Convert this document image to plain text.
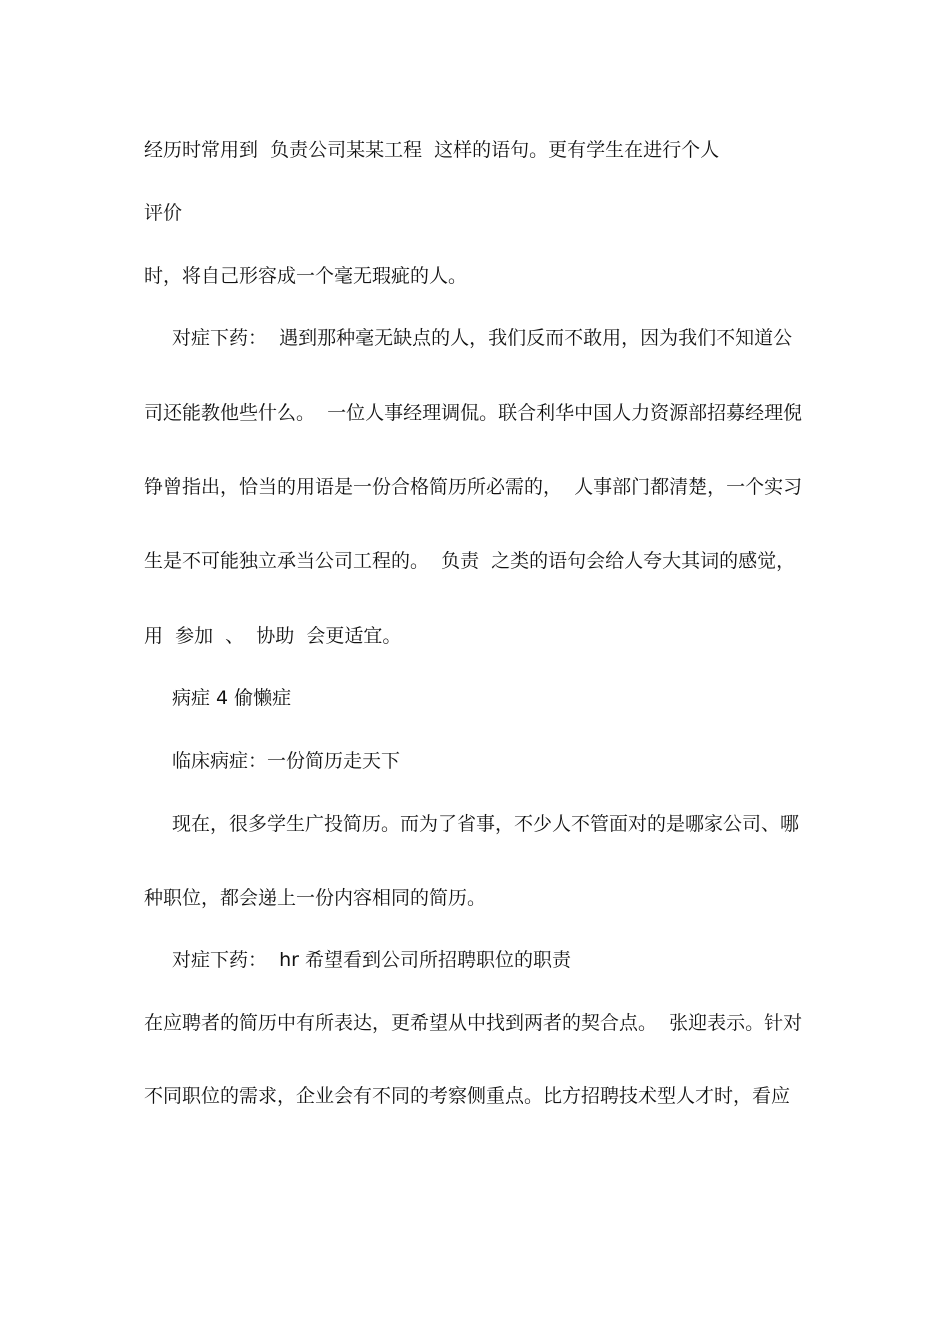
经历时常用到  负责公司某某工程  这样的语句。更有学生在进行个人
评价
时，将自己形容成一个毫无瑕疵的人。
对症下药：  遇到那种毫无缺点的人，我们反而不敢用，因为我们不知道公
司还能教他些什么。  一位人事经理调侃。联合利华中国人力资源部招募经理倪
铮曾指出，恰当的用语是一份合格简历所必需的，  人事部门都清楚，一个实习
生是不可能独立承当公司工程的。  负责  之类的语句会给人夸大其词的感觉，
用  参加  、  协助  会更适宜。
病症 4 偷懒症
临床病症：一份简历走天下
现在，很多学生广投简历。而为了省事，不少人不管面对的是哪家公司、哪
种职位，都会递上一份内容相同的简历。
对症下药：  hr 希望看到公司所招聘职位的职责
在应聘者的简历中有所表达，更希望从中找到两者的契合点。  张迎表示。针对
不同职位的需求，企业会有不同的考察侧重点。比方招聘技术型人才时，看应
